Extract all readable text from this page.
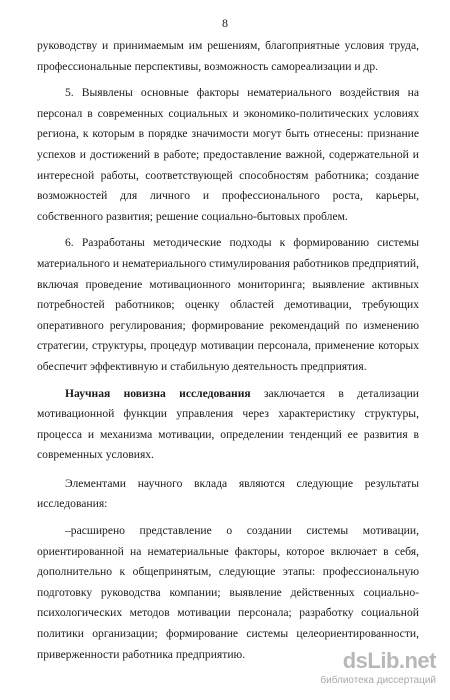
8

руководству и принимаемым им решениям, благоприятные условия труда, профессиональные перспективы, возможность самореализации и др.

5. Выявлены основные факторы нематериального воздействия на персонал в современных социальных и экономико-политических условиях региона, к которым в порядке значимости могут быть отнесены: признание успехов и достижений в работе; предоставление важной, содержательной и интересной работы, соответствующей способностям работника; создание возможностей для личного и профессионального роста, карьеры, собственного развития; решение социально-бытовых проблем.

6. Разработаны методические подходы к формированию системы материального и нематериального стимулирования работников предприятий, включая проведение мотивационного мониторинга; выявление активных потребностей работников; оценку областей демотивации, требующих оперативного регулирования; формирование рекомендаций по изменению стратегии, структуры, процедур мотивации персонала, применение которых обеспечит эффективную и стабильную деятельность предприятия.

Научная новизна исследования заключается в детализации мотивационной функции управления через характеристику структуры, процесса и механизма мотивации, определении тенденций ее развития в современных условиях.

Элементами научного вклада являются следующие результаты исследования:

–расширено представление о создании системы мотивации, ориентированной на нематериальные факторы, которое включает в себя, дополнительно к общепринятым, следующие этапы: профессиональную подготовку руководства компании; выявление действенных социально-психологических методов мотивации персонала; разработку социальной политики организации; формирование системы целеориентированности, приверженности работника предприятию.	dsLib.net
библиотека диссертаций
